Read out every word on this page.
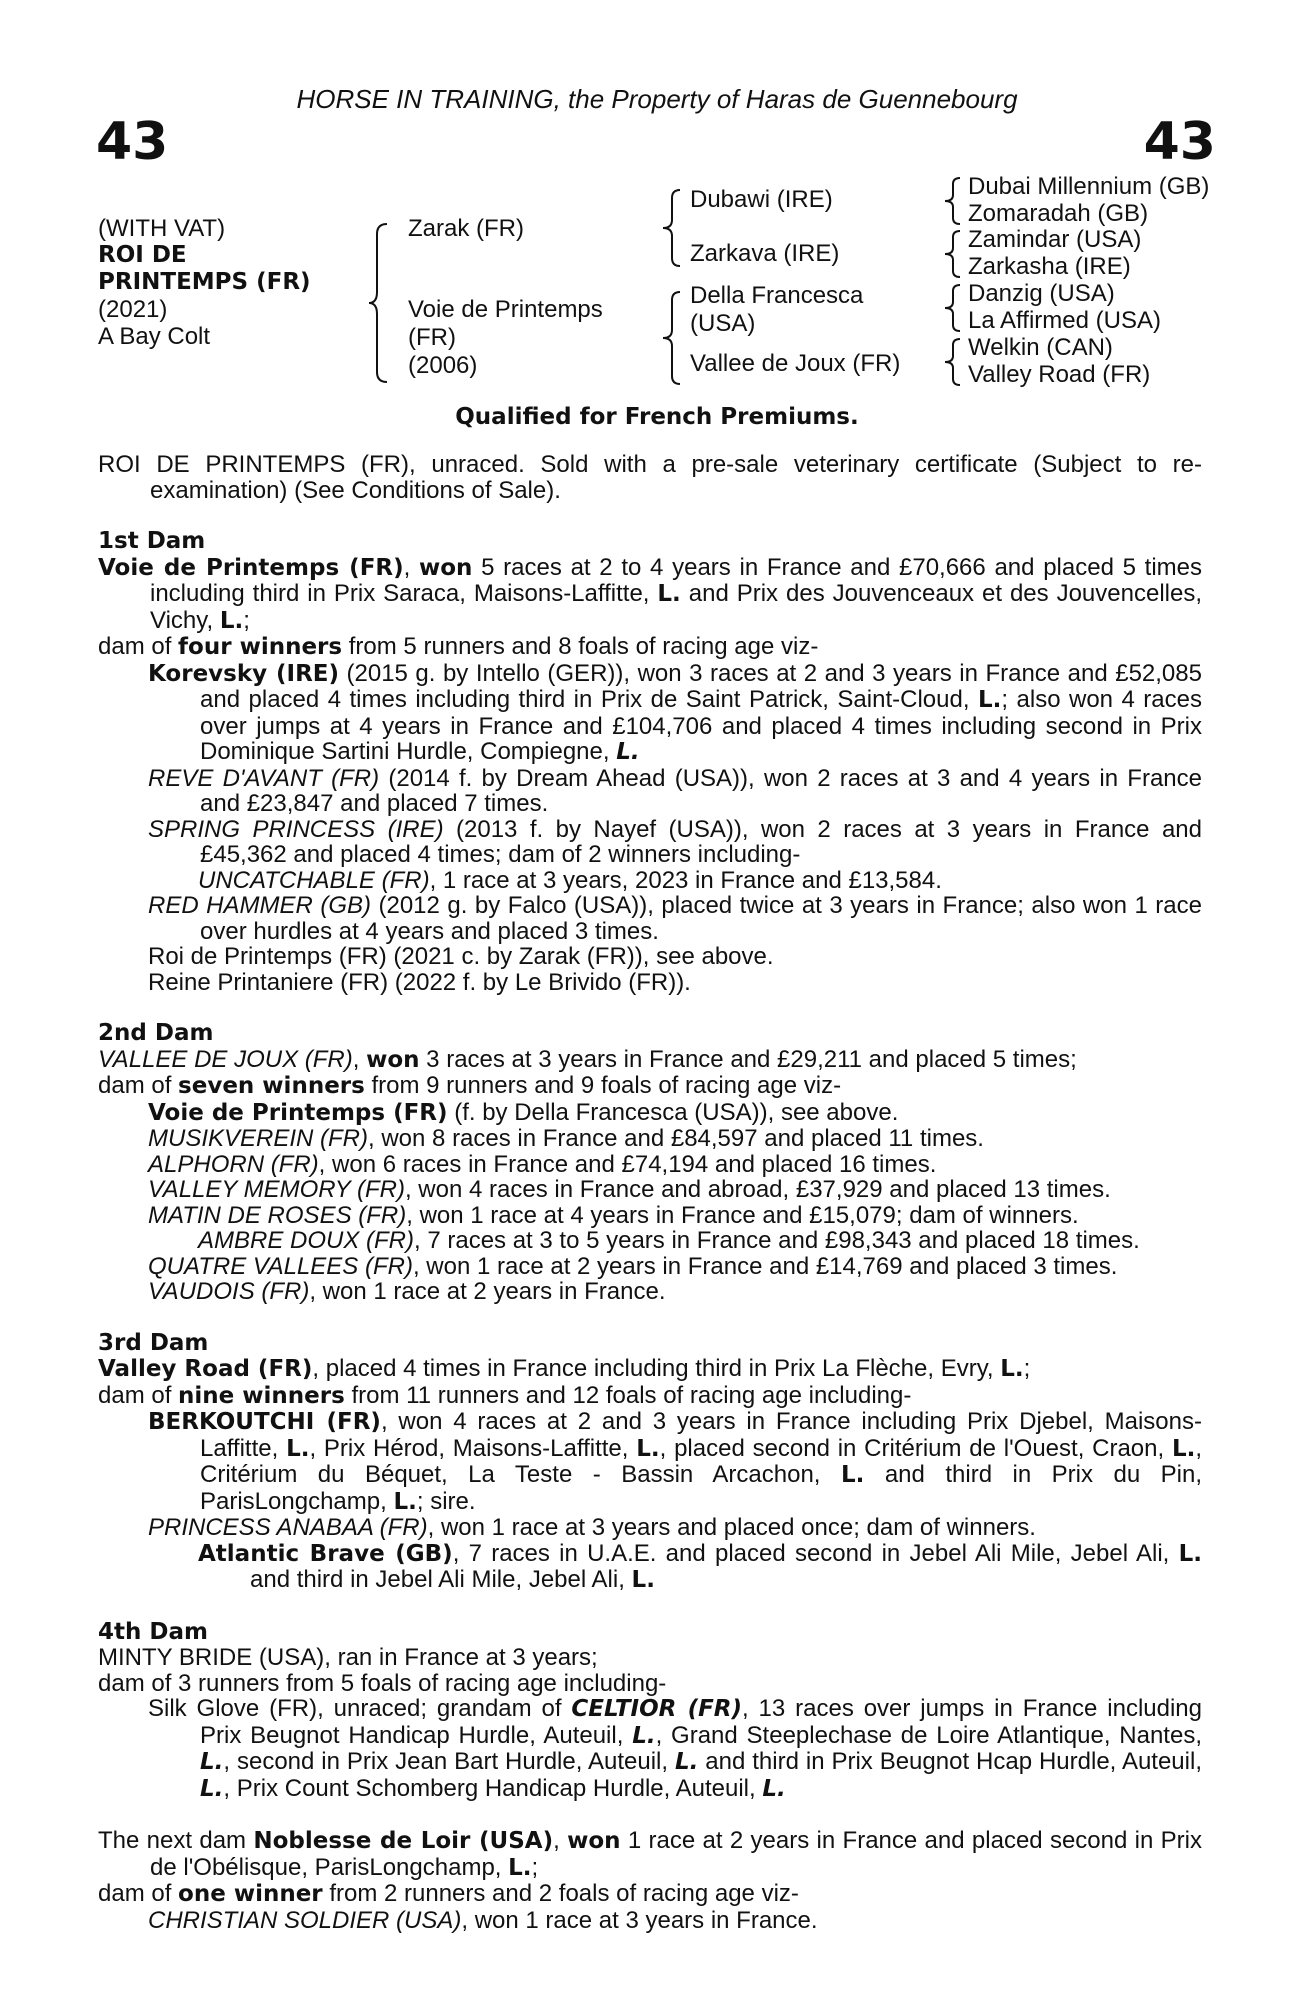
HORSE IN TRAINING, the Property of Haras de Guennebourg
43	43
(WITH VAT)
ROI DE
PRINTEMPS (FR)
(2021)
A Bay Colt
Zarak (FR)
Voie de Printemps
(FR)
(2006)
Dubawi (IRE)
Zarkava (IRE)
Della Francesca
(USA)
Vallee de Joux (FR)
Dubai Millennium (GB)
Zomaradah (GB)
Zamindar (USA)
Zarkasha (IRE)
Danzig (USA)
La Affirmed (USA)
Welkin (CAN)
Valley Road (FR)
Qualified for French Premiums.

ROI DE PRINTEMPS (FR), unraced. Sold with a pre-sale veterinary certificate (Subject to re-examination) (See Conditions of Sale).

1st Dam

Voie de Printemps (FR), won 5 races at 2 to 4 years in France and £70,666 and placed 5 times including third in Prix Saraca, Maisons-Laffitte, L. and Prix des Jouvenceaux et des Jouvencelles, Vichy, L.;

dam of four winners from 5 runners and 8 foals of racing age viz-

Korevsky (IRE) (2015 g. by Intello (GER)), won 3 races at 2 and 3 years in France and £52,085 and placed 4 times including third in Prix de Saint Patrick, Saint-Cloud, L.; also won 4 races over jumps at 4 years in France and £104,706 and placed 4 times including second in Prix Dominique Sartini Hurdle, Compiegne, L.

REVE D'AVANT (FR) (2014 f. by Dream Ahead (USA)), won 2 races at 3 and 4 years in France and £23,847 and placed 7 times.

SPRING PRINCESS (IRE) (2013 f. by Nayef (USA)), won 2 races at 3 years in France and £45,362 and placed 4 times; dam of 2 winners including-

UNCATCHABLE (FR), 1 race at 3 years, 2023 in France and £13,584.

RED HAMMER (GB) (2012 g. by Falco (USA)), placed twice at 3 years in France; also won 1 race over hurdles at 4 years and placed 3 times.

Roi de Printemps (FR) (2021 c. by Zarak (FR)), see above.

Reine Printaniere (FR) (2022 f. by Le Brivido (FR)).

2nd Dam

VALLEE DE JOUX (FR), won 3 races at 3 years in France and £29,211 and placed 5 times;

dam of seven winners from 9 runners and 9 foals of racing age viz-

Voie de Printemps (FR) (f. by Della Francesca (USA)), see above.

MUSIKVEREIN (FR), won 8 races in France and £84,597 and placed 11 times.

ALPHORN (FR), won 6 races in France and £74,194 and placed 16 times.

VALLEY MEMORY (FR), won 4 races in France and abroad, £37,929 and placed 13 times.

MATIN DE ROSES (FR), won 1 race at 4 years in France and £15,079; dam of winners.

AMBRE DOUX (FR), 7 races at 3 to 5 years in France and £98,343 and placed 18 times.

QUATRE VALLEES (FR), won 1 race at 2 years in France and £14,769 and placed 3 times.

VAUDOIS (FR), won 1 race at 2 years in France.

3rd Dam

Valley Road (FR), placed 4 times in France including third in Prix La Flèche, Evry, L.;

dam of nine winners from 11 runners and 12 foals of racing age including-

BERKOUTCHI (FR), won 4 races at 2 and 3 years in France including Prix Djebel, Maisons-Laffitte, L., Prix Hérod, Maisons-Laffitte, L., placed second in Critérium de l'Ouest, Craon, L., Critérium du Béquet, La Teste - Bassin Arcachon, L. and third in Prix du Pin, ParisLongchamp, L.; sire.

PRINCESS ANABAA (FR), won 1 race at 3 years and placed once; dam of winners.

Atlantic Brave (GB), 7 races in U.A.E. and placed second in Jebel Ali Mile, Jebel Ali, L. and third in Jebel Ali Mile, Jebel Ali, L.

4th Dam

MINTY BRIDE (USA), ran in France at 3 years;

dam of 3 runners from 5 foals of racing age including-

Silk Glove (FR), unraced; grandam of CELTIOR (FR), 13 races over jumps in France including Prix Beugnot Handicap Hurdle, Auteuil, L., Grand Steeplechase de Loire Atlantique, Nantes, L., second in Prix Jean Bart Hurdle, Auteuil, L. and third in Prix Beugnot Hcap Hurdle, Auteuil, L., Prix Count Schomberg Handicap Hurdle, Auteuil, L.

The next dam Noblesse de Loir (USA), won 1 race at 2 years in France and placed second in Prix de l'Obélisque, ParisLongchamp, L.;

dam of one winner from 2 runners and 2 foals of racing age viz-

CHRISTIAN SOLDIER (USA), won 1 race at 3 years in France.
